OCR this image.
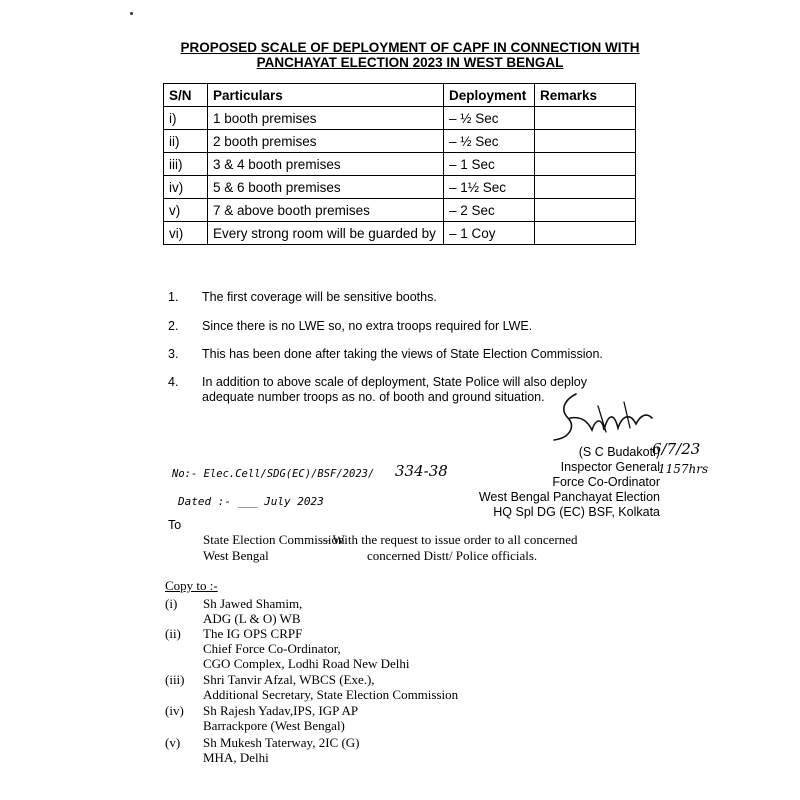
PROPOSED SCALE OF DEPLOYMENT OF CAPF IN CONNECTION WITH
PANCHAYAT ELECTION 2023 IN WEST BENGAL
S/N	Particulars	Deployment	Remarks
i)	1 booth premises	– ½ Sec	
ii)	2 booth premises	– ½ Sec	
iii)	3 & 4 booth premises	– 1 Sec	
iv)	5 & 6 booth premises	– 1½ Sec	
v)	7 & above booth premises	– 2 Sec	
vi)	Every strong room will be guarded by	– 1 Coy	
1. The first coverage will be sensitive booths.
2. Since there is no LWE so, no extra troops required for LWE.
3. This has been done after taking the views of State Election Commission.
4. In addition to above scale of deployment, State Police will also deploy adequate number troops as no. of booth and ground situation.
6/7/23
1157hrs
(S C Budakoti)
Inspector General
Force Co-Ordinator
West Bengal Panchayat Election
HQ Spl DG (EC) BSF, Kolkata
No:- Elec.Cell/SDG(EC)/BSF/2023/ 334-38
Dated :- ___ July 2023
To
State Election Commission
– With the request to issue order to all concerned
West Bengal	concerned Distt/ Police officials.
Copy to :-
(i) Sh Jawed Shamim,
ADG (L & O) WB
(ii) The IG OPS CRPF
Chief Force Co-Ordinator,
CGO Complex, Lodhi Road New Delhi
(iii) Shri Tanvir Afzal, WBCS (Exe.),
Additional Secretary, State Election Commission
(iv) Sh Rajesh Yadav,IPS, IGP AP
Barrackpore (West Bengal)
(v) Sh Mukesh Taterway, 2IC (G)
MHA, Delhi
